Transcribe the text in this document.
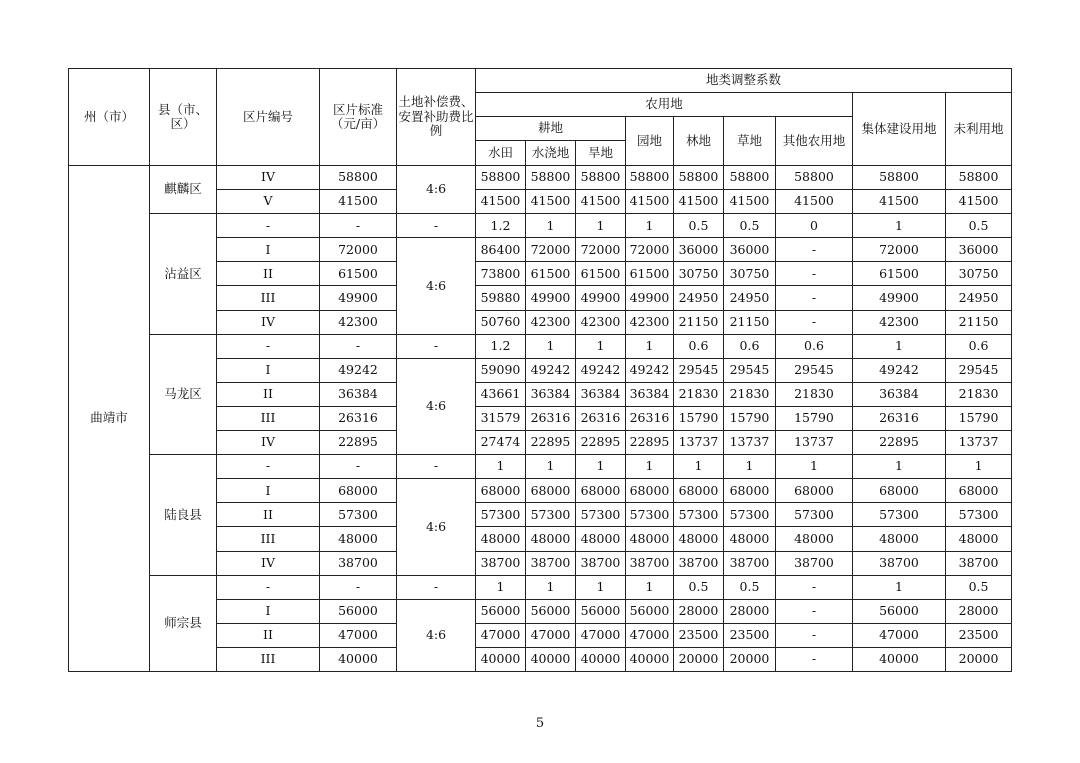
州（市）	县（市、区）	区片编号	区片标准（元/亩）	土地补偿费、安置补助费比例	地类调整系数								
					农用地							集体建设用地	未利用地
					耕地			园地	林地	草地	其他农用地		
					水田	水浇地	旱地						
曲靖市	麒麟区	IV	58800	4:6	58800	58800	58800	58800	58800	58800	58800	58800	58800
		V	41500		41500	41500	41500	41500	41500	41500	41500	41500	41500
	沾益区	-	-	-	1.2	1	1	1	0.5	0.5	0	1	0.5
		I	72000	4:6	86400	72000	72000	72000	36000	36000	-	72000	36000
		II	61500		73800	61500	61500	61500	30750	30750	-	61500	30750
		III	49900		59880	49900	49900	49900	24950	24950	-	49900	24950
		IV	42300		50760	42300	42300	42300	21150	21150	-	42300	21150
	马龙区	-	-	-	1.2	1	1	1	0.6	0.6	0.6	1	0.6
		I	49242	4:6	59090	49242	49242	49242	29545	29545	29545	49242	29545
		II	36384		43661	36384	36384	36384	21830	21830	21830	36384	21830
		III	26316		31579	26316	26316	26316	15790	15790	15790	26316	15790
		IV	22895		27474	22895	22895	22895	13737	13737	13737	22895	13737
	陆良县	-	-	-	1	1	1	1	1	1	1	1	1
		I	68000	4:6	68000	68000	68000	68000	68000	68000	68000	68000	68000
		II	57300		57300	57300	57300	57300	57300	57300	57300	57300	57300
		III	48000		48000	48000	48000	48000	48000	48000	48000	48000	48000
		IV	38700		38700	38700	38700	38700	38700	38700	38700	38700	38700
	师宗县	-	-	-	1	1	1	1	0.5	0.5	-	1	0.5
		I	56000	4:6	56000	56000	56000	56000	28000	28000	-	56000	28000
		II	47000		47000	47000	47000	47000	23500	23500	-	47000	23500
		III	40000		40000	40000	40000	40000	20000	20000	-	40000	20000
5
